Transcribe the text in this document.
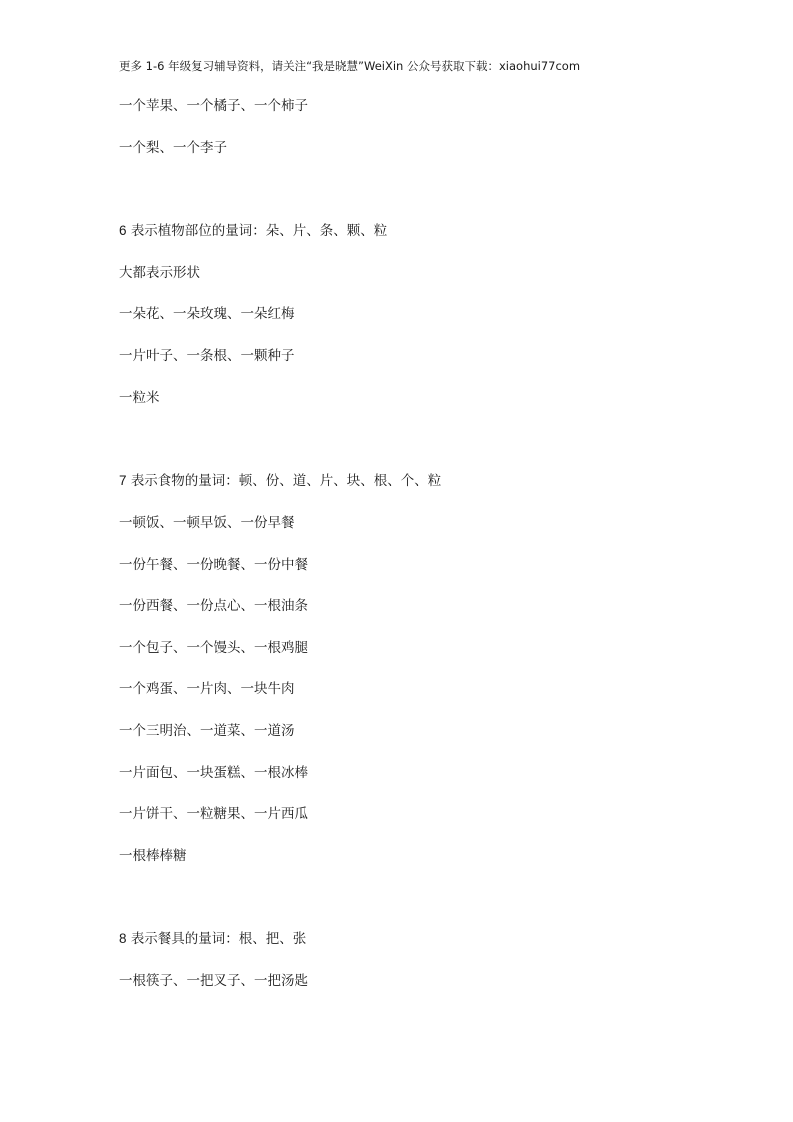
更多 1-6 年级复习辅导资料，请关注“我是晓慧”WeiXin 公众号获取下载：xiaohui77com
一个苹果、一个橘子、一个柿子
一个梨、一个李子
6 表示植物部位的量词：朵、片、条、颗、粒
大都表示形状
一朵花、一朵玫瑰、一朵红梅
一片叶子、一条根、一颗种子
一粒米
7 表示食物的量词：顿、份、道、片、块、根、个、粒
一顿饭、一顿早饭、一份早餐
一份午餐、一份晚餐、一份中餐
一份西餐、一份点心、一根油条
一个包子、一个馒头、一根鸡腿
一个鸡蛋、一片肉、一块牛肉
一个三明治、一道菜、一道汤
一片面包、一块蛋糕、一根冰棒
一片饼干、一粒糖果、一片西瓜
一根棒棒糖
8 表示餐具的量词：根、把、张
一根筷子、一把叉子、一把汤匙
